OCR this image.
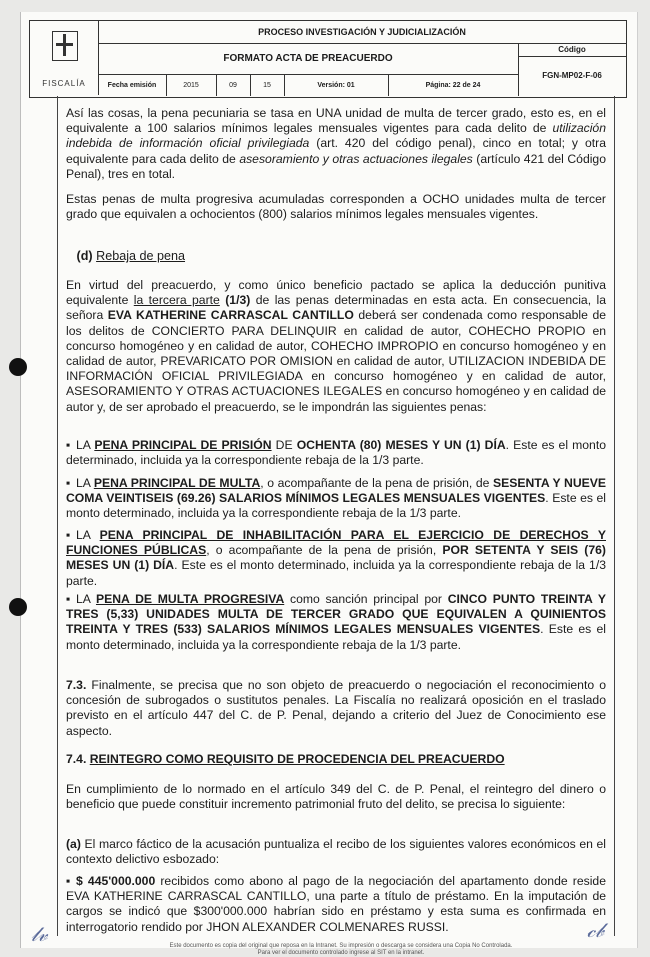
FISCALÍA
PROCESO INVESTIGACIÓN Y JUDICIALIZACIÓN
FORMATO ACTA DE PREACUERDO
Código
FGN-MP02-F-06
Fecha emisión	2015	09	15	Versión: 01	Página: 22 de 24

Así las cosas, la pena pecuniaria se tasa en UNA unidad de multa de tercer grado, esto es, en el equivalente a 100 salarios mínimos legales mensuales vigentes para cada delito de utilización indebida de información oficial privilegiada (art. 420 del código penal), cinco en total; y otra equivalente para cada delito de asesoramiento y otras actuaciones ilegales (artículo 421 del Código Penal), tres en total.

Estas penas de multa progresiva acumuladas corresponden a OCHO unidades multa de tercer grado que equivalen a ochocientos (800) salarios mínimos legales mensuales vigentes.

(d) Rebaja de pena

En virtud del preacuerdo, y como único beneficio pactado se aplica la deducción punitiva equivalente la tercera parte (1/3) de las penas determinadas en esta acta. En consecuencia, la señora EVA KATHERINE CARRASCAL CANTILLO deberá ser condenada como responsable de los delitos de CONCIERTO PARA DELINQUIR en calidad de autor, COHECHO PROPIO en concurso homogéneo y en calidad de autor, COHECHO IMPROPIO en concurso homogéneo y en calidad de autor, PREVARICATO POR OMISION en calidad de autor, UTILIZACION INDEBIDA DE INFORMACIÓN OFICIAL PRIVILEGIADA en concurso homogéneo y en calidad de autor, ASESORAMIENTO Y OTRAS ACTUACIONES ILEGALES en concurso homogéneo y en calidad de autor y, de ser aprobado el preacuerdo, se le impondrán las siguientes penas:

▪ LA PENA PRINCIPAL DE PRISIÓN DE OCHENTA (80) MESES Y UN (1) DÍA. Este es el monto determinado, incluida ya la correspondiente rebaja de la 1/3 parte.

▪ LA PENA PRINCIPAL DE MULTA, o acompañante de la pena de prisión, de SESENTA Y NUEVE COMA VEINTISEIS (69.26) SALARIOS MÍNIMOS LEGALES MENSUALES VIGENTES. Este es el monto determinado, incluida ya la correspondiente rebaja de la 1/3 parte.

▪ LA PENA PRINCIPAL DE INHABILITACIÓN PARA EL EJERCICIO DE DERECHOS Y FUNCIONES PÚBLICAS, o acompañante de la pena de prisión, POR SETENTA Y SEIS (76) MESES UN (1) DÍA. Este es el monto determinado, incluida ya la correspondiente rebaja de la 1/3 parte.

▪ LA PENA DE MULTA PROGRESIVA como sanción principal por CINCO PUNTO TREINTA Y TRES (5,33) UNIDADES MULTA DE TERCER GRADO QUE EQUIVALEN A QUINIENTOS TREINTA Y TRES (533) SALARIOS MÍNIMOS LEGALES MENSUALES VIGENTES. Este es el monto determinado, incluida ya la correspondiente rebaja de la 1/3 parte.

7.3. Finalmente, se precisa que no son objeto de preacuerdo o negociación el reconocimiento o concesión de subrogados o sustitutos penales. La Fiscalía no realizará oposición en el traslado previsto en el artículo 447 del C. de P. Penal, dejando a criterio del Juez de Conocimiento ese aspecto.

7.4. REINTEGRO COMO REQUISITO DE PROCEDENCIA DEL PREACUERDO

En cumplimiento de lo normado en el artículo 349 del C. de P. Penal, el reintegro del dinero o beneficio que puede constituir incremento patrimonial fruto del delito, se precisa lo siguiente:

(a) El marco fáctico de la acusación puntualiza el recibo de los siguientes valores económicos en el contexto delictivo esbozado:

▪ $ 445'000.000 recibidos como abono al pago de la negociación del apartamento donde reside EVA KATHERINE CARRASCAL CANTILLO, una parte a título de préstamo. En la imputación de cargos se indicó que $300'000.000 habrían sido en préstamo y esta suma es confirmada en interrogatorio rendido por JHON ALEXANDER COLMENARES RUSSI.

Este documento es copia del original que reposa en la Intranet. Su impresión o descarga se considera una Copia No Controlada.
Para ver el documento controlado ingrese al SIT en la intranet.
𝓁𝓋	𝒸𝒷
